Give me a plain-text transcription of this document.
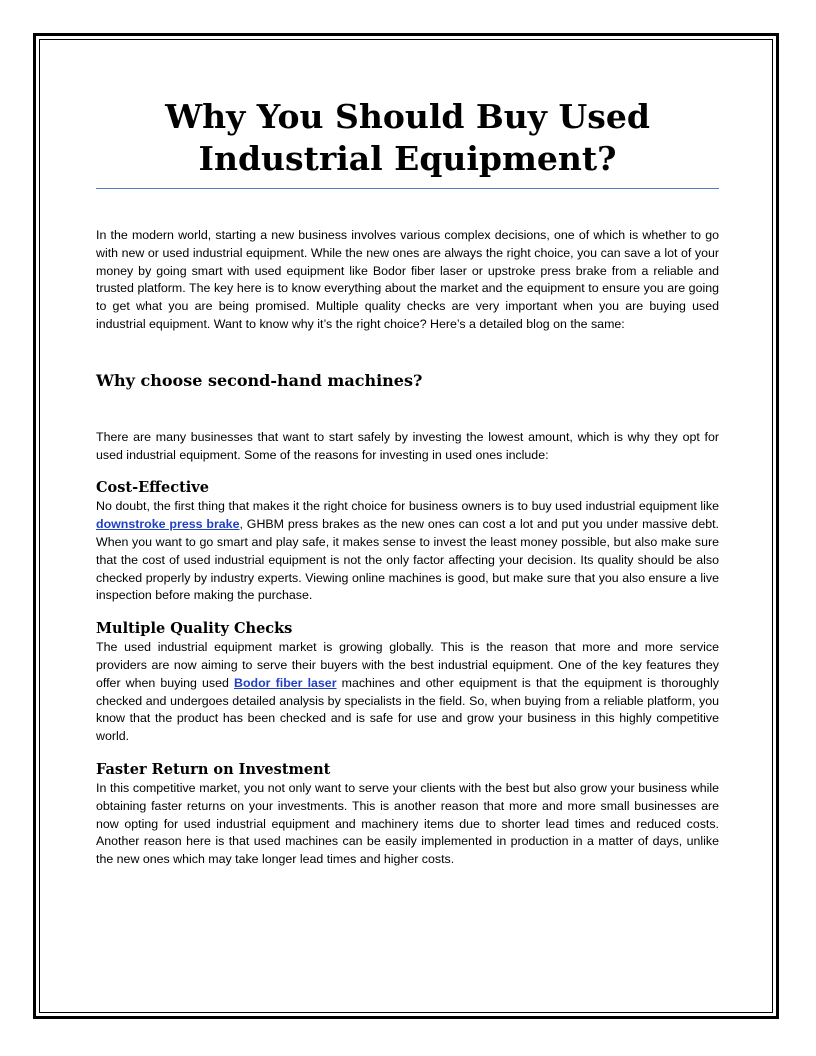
Why You Should Buy Used Industrial Equipment?

In the modern world, starting a new business involves various complex decisions, one of which is whether to go with new or used industrial equipment. While the new ones are always the right choice, you can save a lot of your money by going smart with used equipment like Bodor fiber laser or upstroke press brake from a reliable and trusted platform. The key here is to know everything about the market and the equipment to ensure you are going to get what you are being promised. Multiple quality checks are very important when you are buying used industrial equipment. Want to know why it’s the right choice? Here’s a detailed blog on the same:

Why choose second-hand machines?

There are many businesses that want to start safely by investing the lowest amount, which is why they opt for used industrial equipment. Some of the reasons for investing in used ones include:

Cost-Effective

No doubt, the first thing that makes it the right choice for business owners is to buy used industrial equipment like downstroke press brake, GHBM press brakes as the new ones can cost a lot and put you under massive debt. When you want to go smart and play safe, it makes sense to invest the least money possible, but also make sure that the cost of used industrial equipment is not the only factor affecting your decision. Its quality should be also checked properly by industry experts. Viewing online machines is good, but make sure that you also ensure a live inspection before making the purchase.

Multiple Quality Checks

The used industrial equipment market is growing globally. This is the reason that more and more service providers are now aiming to serve their buyers with the best industrial equipment. One of the key features they offer when buying used Bodor fiber laser machines and other equipment is that the equipment is thoroughly checked and undergoes detailed analysis by specialists in the field. So, when buying from a reliable platform, you know that the product has been checked and is safe for use and grow your business in this highly competitive world.

Faster Return on Investment

In this competitive market, you not only want to serve your clients with the best but also grow your business while obtaining faster returns on your investments. This is another reason that more and more small businesses are now opting for used industrial equipment and machinery items due to shorter lead times and reduced costs. Another reason here is that used machines can be easily implemented in production in a matter of days, unlike the new ones which may take longer lead times and higher costs.
